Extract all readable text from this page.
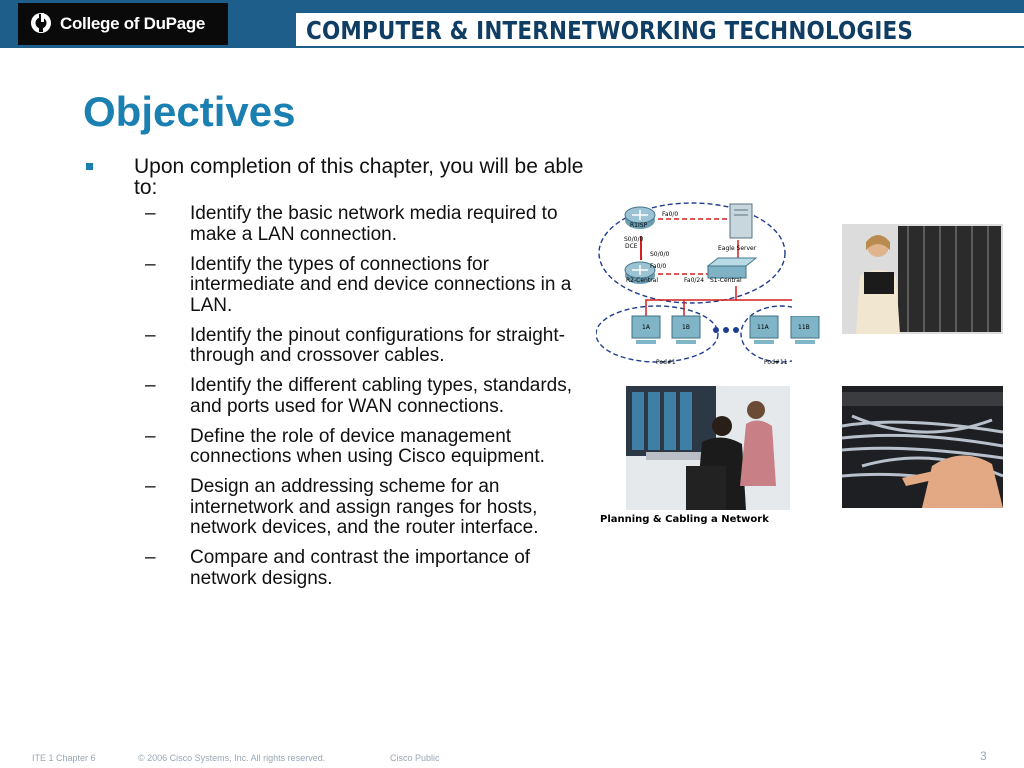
College of DuPage	COMPUTER & INTERNETWORKING TECHNOLOGIES
Objectives
Upon completion of this chapter, you will be able to:
– Identify the basic network media required to make a LAN connection.
– Identify the types of connections for intermediate and end device connections in a LAN.
– Identify the pinout configurations for straight-through and crossover cables.
– Identify the different cabling types, standards, and ports used for WAN connections.
– Define the role of device management connections when using Cisco equipment.
– Design an addressing scheme for an internetwork and assign ranges for hosts, network devices, and the router interface.
– Compare and contrast the importance of network designs.
R1ISP
Fa0/0
S0/0/0
DCE
S0/0/0
Fa0/0
R2-Central	Fa0/24 S1-Central
Eagle Server
1A	1B	11A
Pod#1	Pod#11
11B
Planning & Cabling a Network
ITE 1 Chapter 6	© 2006 Cisco Systems, Inc. All rights reserved.	Cisco Public	3
